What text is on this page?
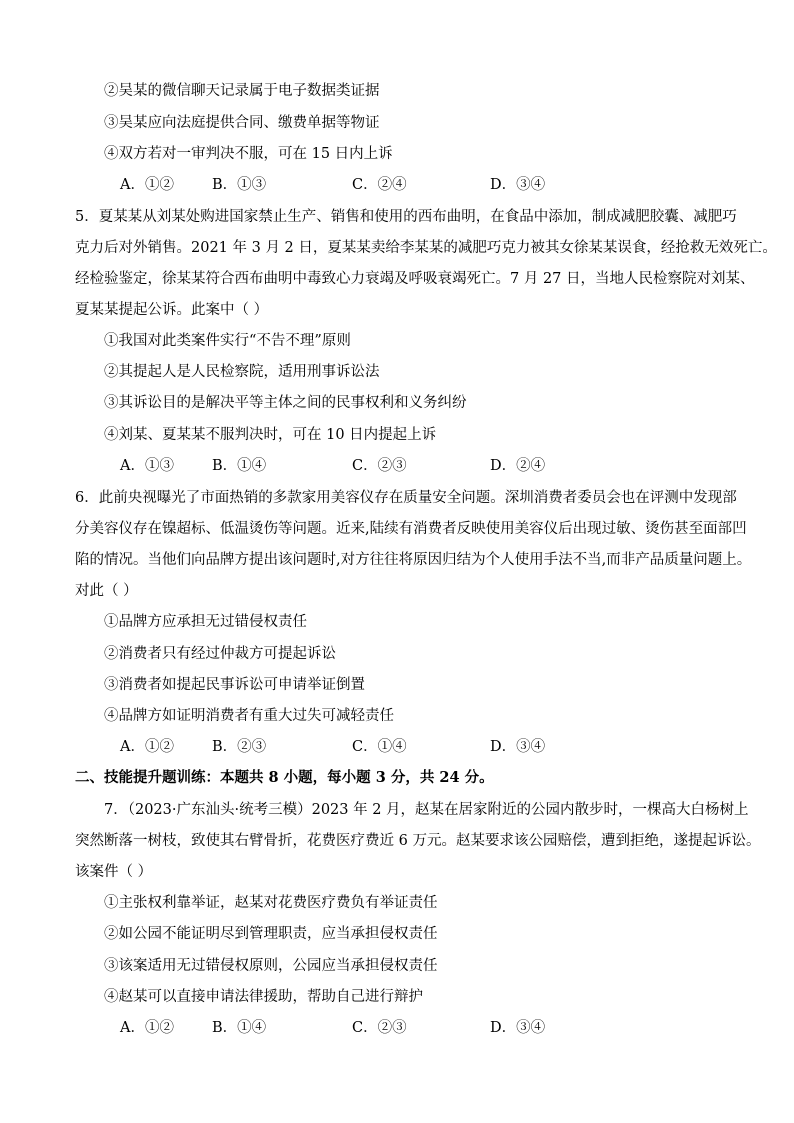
②吴某的微信聊天记录属于电子数据类证据
③吴某应向法庭提供合同、缴费单据等物证
④双方若对一审判决不服，可在 15 日内上诉
A．①②	B．①③	C．②④	D．③④
5．夏某某从刘某处购进国家禁止生产、销售和使用的西布曲明，在食品中添加，制成减肥胶囊、减肥巧
克力后对外销售。2021 年 3 月 2 日，夏某某卖给李某某的减肥巧克力被其女徐某某误食，经抢救无效死亡。
经检验鉴定，徐某某符合西布曲明中毒致心力衰竭及呼吸衰竭死亡。7 月 27 日，当地人民检察院对刘某、
夏某某提起公诉。此案中（ ）
①我国对此类案件实行“不告不理”原则
②其提起人是人民检察院，适用刑事诉讼法
③其诉讼目的是解决平等主体之间的民事权利和义务纠纷
④刘某、夏某某不服判决时，可在 10 日内提起上诉
A．①③	B．①④	C．②③	D．②④
6．此前央视曝光了市面热销的多款家用美容仪存在质量安全问题。深圳消费者委员会也在评测中发现部
分美容仪存在镍超标、低温烫伤等问题。近来,陆续有消费者反映使用美容仪后出现过敏、烫伤甚至面部凹
陷的情况。当他们向品牌方提出该问题时,对方往往将原因归结为个人使用手法不当,而非产品质量问题上。
对此（ ）
①品牌方应承担无过错侵权责任
②消费者只有经过仲裁方可提起诉讼
③消费者如提起民事诉讼可申请举证倒置
④品牌方如证明消费者有重大过失可减轻责任
A．①②	B．②③	C．①④	D．③④
二、技能提升题训练：本题共 8 小题，每小题 3 分，共 24 分。
7．（2023·广东汕头·统考三模）2023 年 2 月，赵某在居家附近的公园内散步时，一棵高大白杨树上
突然断落一树枝，致使其右臂骨折，花费医疗费近 6 万元。赵某要求该公园赔偿，遭到拒绝，遂提起诉讼。
该案件（ ）
①主张权利靠举证，赵某对花费医疗费负有举证责任
②如公园不能证明尽到管理职责，应当承担侵权责任
③该案适用无过错侵权原则，公园应当承担侵权责任
④赵某可以直接申请法律援助，帮助自己进行辩护
A．①②	B．①④	C．②③	D．③④
